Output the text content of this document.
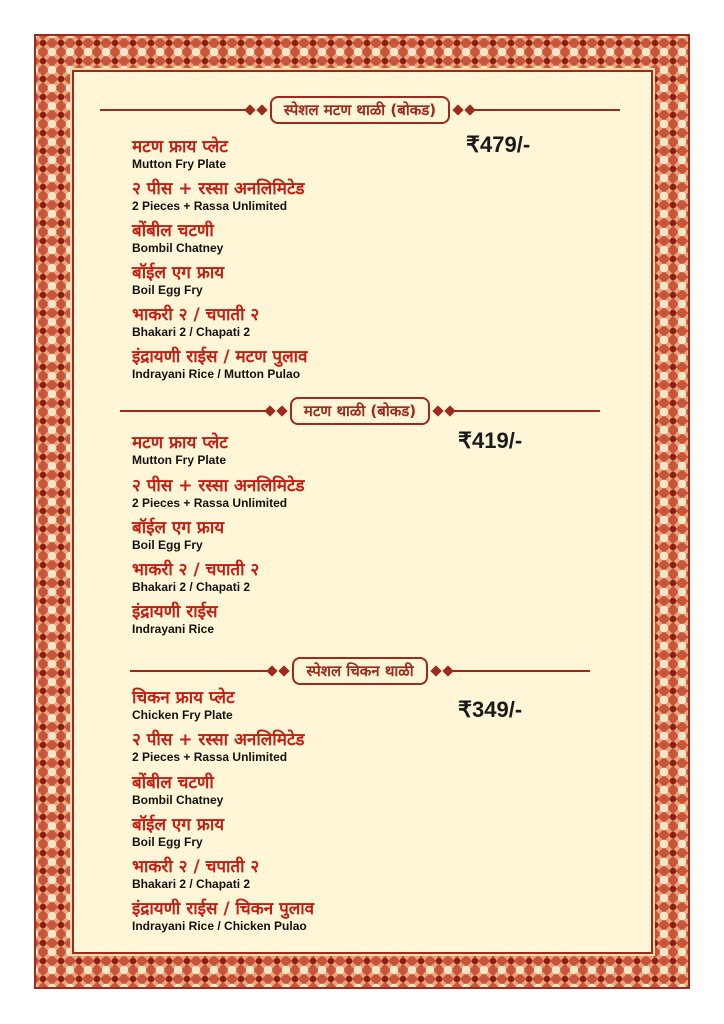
स्पेशल मटण थाळी (बोकड)
₹479/-
मटण फ्राय प्लेट
Mutton Fry Plate
२ पीस + रस्सा अनलिमिटेड
2 Pieces + Rassa Unlimited
बोंबील चटणी
Bombil Chatney
बॉईल एग फ्राय
Boil Egg Fry
भाकरी २ / चपाती २
Bhakari 2 / Chapati 2
इंद्रायणी राईस / मटण पुलाव
Indrayani Rice / Mutton Pulao
मटण थाळी (बोकड)
₹419/-
मटण फ्राय प्लेट
Mutton Fry Plate
२ पीस + रस्सा अनलिमिटेड
2 Pieces + Rassa Unlimited
बॉईल एग फ्राय
Boil Egg Fry
भाकरी २ / चपाती २
Bhakari 2 / Chapati 2
इंद्रायणी राईस
Indrayani Rice
स्पेशल चिकन थाळी
₹349/-
चिकन फ्राय प्लेट
Chicken Fry Plate
२ पीस + रस्सा अनलिमिटेड
2 Pieces + Rassa Unlimited
बोंबील चटणी
Bombil Chatney
बॉईल एग फ्राय
Boil Egg Fry
भाकरी २ / चपाती २
Bhakari 2 / Chapati 2
इंद्रायणी राईस / चिकन पुलाव
Indrayani Rice / Chicken Pulao
